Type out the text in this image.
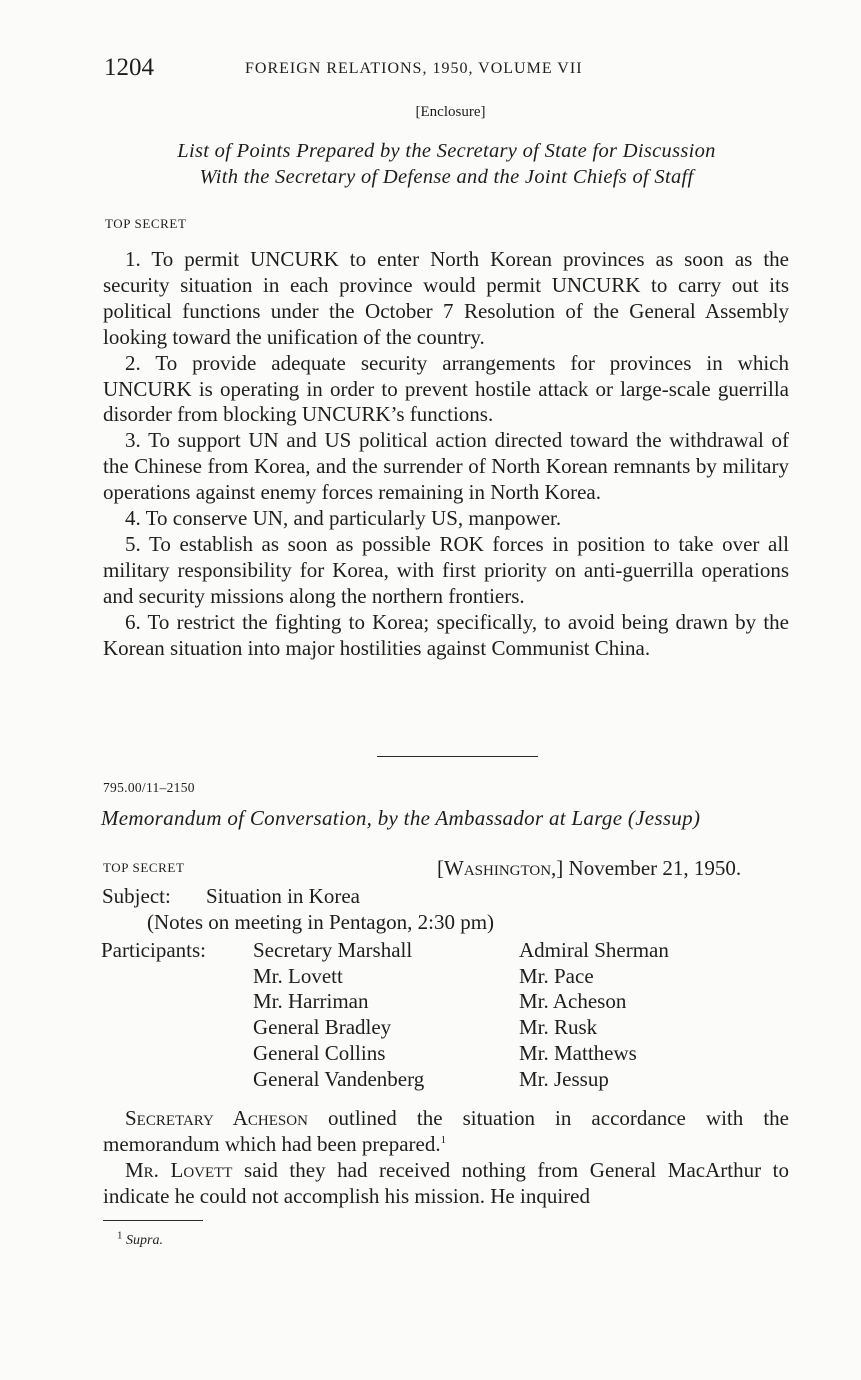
1204	FOREIGN RELATIONS, 1950, VOLUME VII
[Enclosure]
List of Points Prepared by the Secretary of State for Discussion
With the Secretary of Defense and the Joint Chiefs of Staff
TOP SECRET

1. To permit UNCURK to enter North Korean provinces as soon as the security situation in each province would permit UNCURK to carry out its political functions under the October 7 Resolution of the General Assembly looking toward the unification of the country.

2. To provide adequate security arrangements for provinces in which UNCURK is operating in order to prevent hostile attack or large-scale guerrilla disorder from blocking UNCURK’s functions.

3. To support UN and US political action directed toward the withdrawal of the Chinese from Korea, and the surrender of North Korean remnants by military operations against enemy forces remaining in North Korea.

4. To conserve UN, and particularly US, manpower.

5. To establish as soon as possible ROK forces in position to take over all military responsibility for Korea, with first priority on anti-guerrilla operations and security missions along the northern frontiers.

6. To restrict the fighting to Korea; specifically, to avoid being drawn by the Korean situation into major hostilities against Communist China.

795.00/11–2150
Memorandum of Conversation, by the Ambassador at Large (Jessup)
TOP SECRET	[Washington,] November 21, 1950.
Subject: Situation in Korea
(Notes on meeting in Pentagon, 2:30 pm)
Participants: Secretary Marshall
Mr. Lovett
Mr. Harriman
General Bradley
General Collins
General Vandenberg
Admiral Sherman
Mr. Pace
Mr. Acheson
Mr. Rusk
Mr. Matthews
Mr. Jessup

Secretary Acheson outlined the situation in accordance with the memorandum which had been prepared.$^1$

Mr. Lovett said they had received nothing from General MacArthur to indicate he could not accomplish his mission. He inquired

$^1$ Supra.
